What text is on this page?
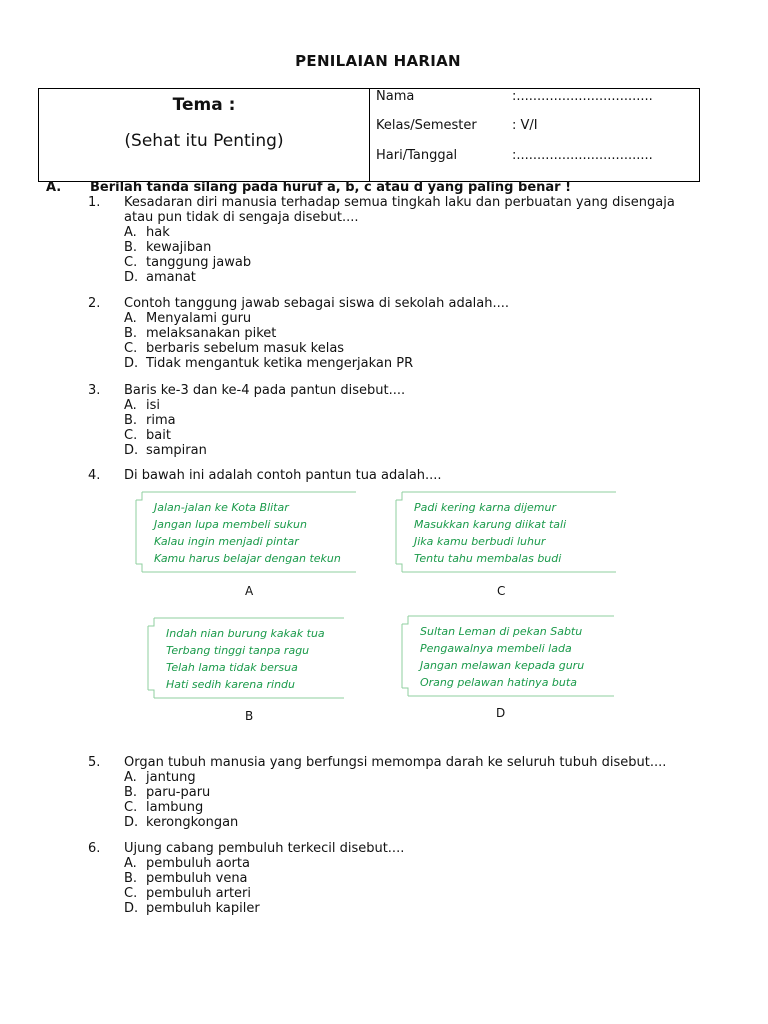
PENILAIAN HARIAN
Tema :
(Sehat itu Penting)
Nama	:.................................
Kelas/Semester	: V/I
Hari/Tanggal	:.................................
A. Berilah tanda silang pada huruf a, b, c atau d yang paling benar !
1. Kesadaran diri manusia terhadap semua tingkah laku dan perbuatan yang disengaja atau pun tidak di sengaja disebut....
A. hak
B. kewajiban
C. tanggung jawab
D. amanat
2. Contoh tanggung jawab sebagai siswa di sekolah adalah....
A. Menyalami guru
B. melaksanakan piket
C. berbaris sebelum masuk kelas
D. Tidak mengantuk ketika mengerjakan PR
3. Baris ke-3 dan ke-4 pada pantun disebut....
A. isi
B. rima
C. bait
D. sampiran
4. Di bawah ini adalah contoh pantun tua adalah....
Jalan-jalan ke Kota Blitar
Jangan lupa membeli sukun
Kalau ingin menjadi pintar
Kamu harus belajar dengan tekun
A
Padi kering karna dijemur
Masukkan karung diikat tali
Jika kamu berbudi luhur
Tentu tahu membalas budi
C
Indah nian burung kakak tua
Terbang tinggi tanpa ragu
Telah lama tidak bersua
Hati sedih karena rindu
B
Sultan Leman di pekan Sabtu
Pengawalnya membeli lada
Jangan melawan kepada guru
Orang pelawan hatinya buta
D
5. Organ tubuh manusia yang berfungsi memompa darah ke seluruh tubuh disebut....
A. jantung
B. paru-paru
C. lambung
D. kerongkongan
6. Ujung cabang pembuluh terkecil disebut....
A. pembuluh aorta
B. pembuluh vena
C. pembuluh arteri
D. pembuluh kapiler
